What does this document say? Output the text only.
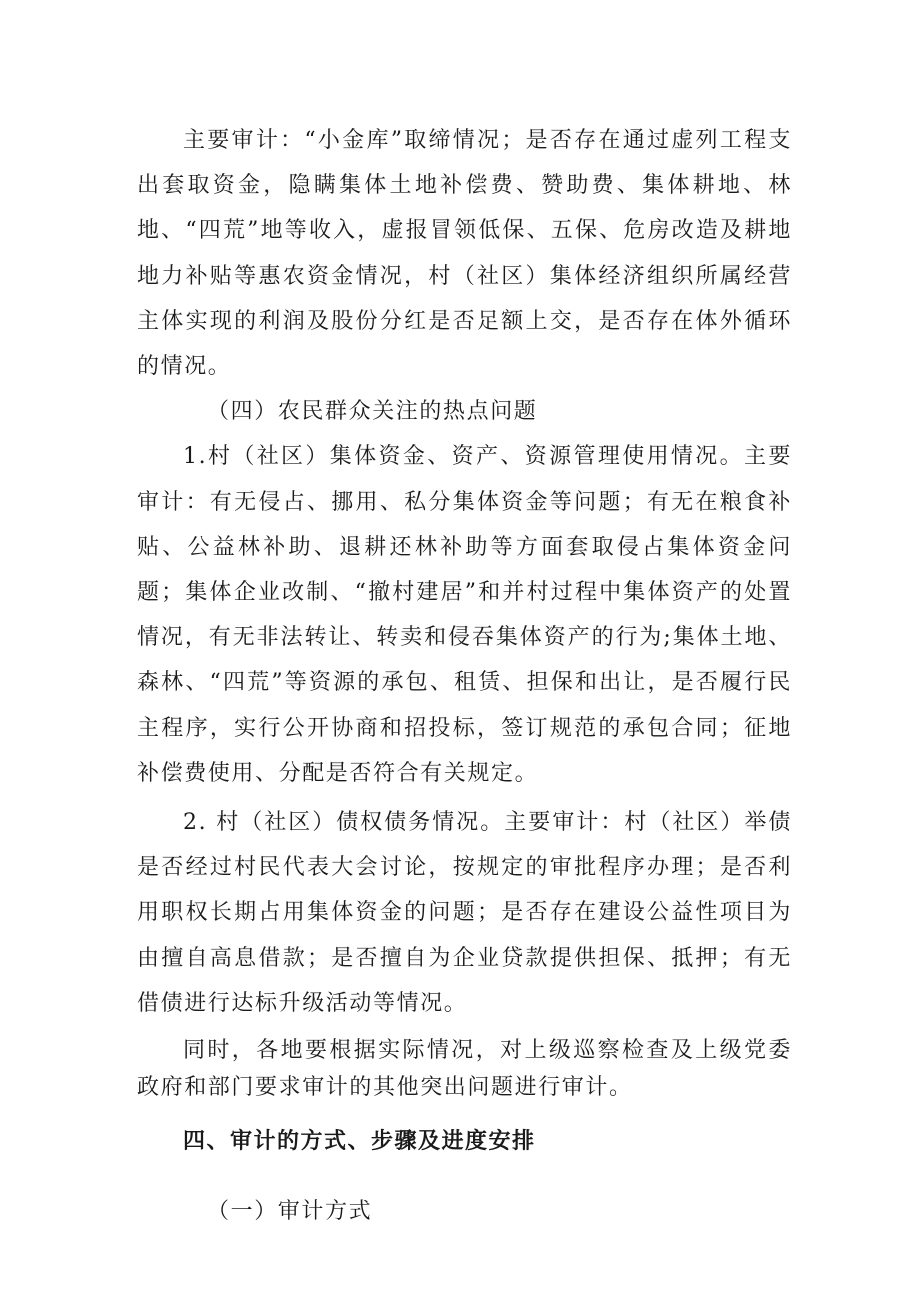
主要审计：“小金库”取缔情况；是否存在通过虚列工程支出套取资金，隐瞒集体土地补偿费、赞助费、集体耕地、林地、“四荒”地等收入，虚报冒领低保、五保、危房改造及耕地地力补贴等惠农资金情况，村（社区）集体经济组织所属经营主体实现的利润及股份分红是否足额上交，是否存在体外循环的情况。

（四）农民群众关注的热点问题

1.村（社区）集体资金、资产、资源管理使用情况。主要审计：有无侵占、挪用、私分集体资金等问题；有无在粮食补贴、公益林补助、退耕还林补助等方面套取侵占集体资金问题；集体企业改制、“撤村建居”和并村过程中集体资产的处置情况，有无非法转让、转卖和侵吞集体资产的行为;集体土地、森林、“四荒”等资源的承包、租赁、担保和出让，是否履行民主程序，实行公开协商和招投标，签订规范的承包合同；征地补偿费使用、分配是否符合有关规定。

2. 村（社区）债权债务情况。主要审计：村（社区）举债是否经过村民代表大会讨论，按规定的审批程序办理；是否利用职权长期占用集体资金的问题；是否存在建设公益性项目为由擅自高息借款；是否擅自为企业贷款提供担保、抵押；有无借债进行达标升级活动等情况。

同时，各地要根据实际情况，对上级巡察检查及上级党委政府和部门要求审计的其他突出问题进行审计。

四、审计的方式、步骤及进度安排

（一）审计方式
